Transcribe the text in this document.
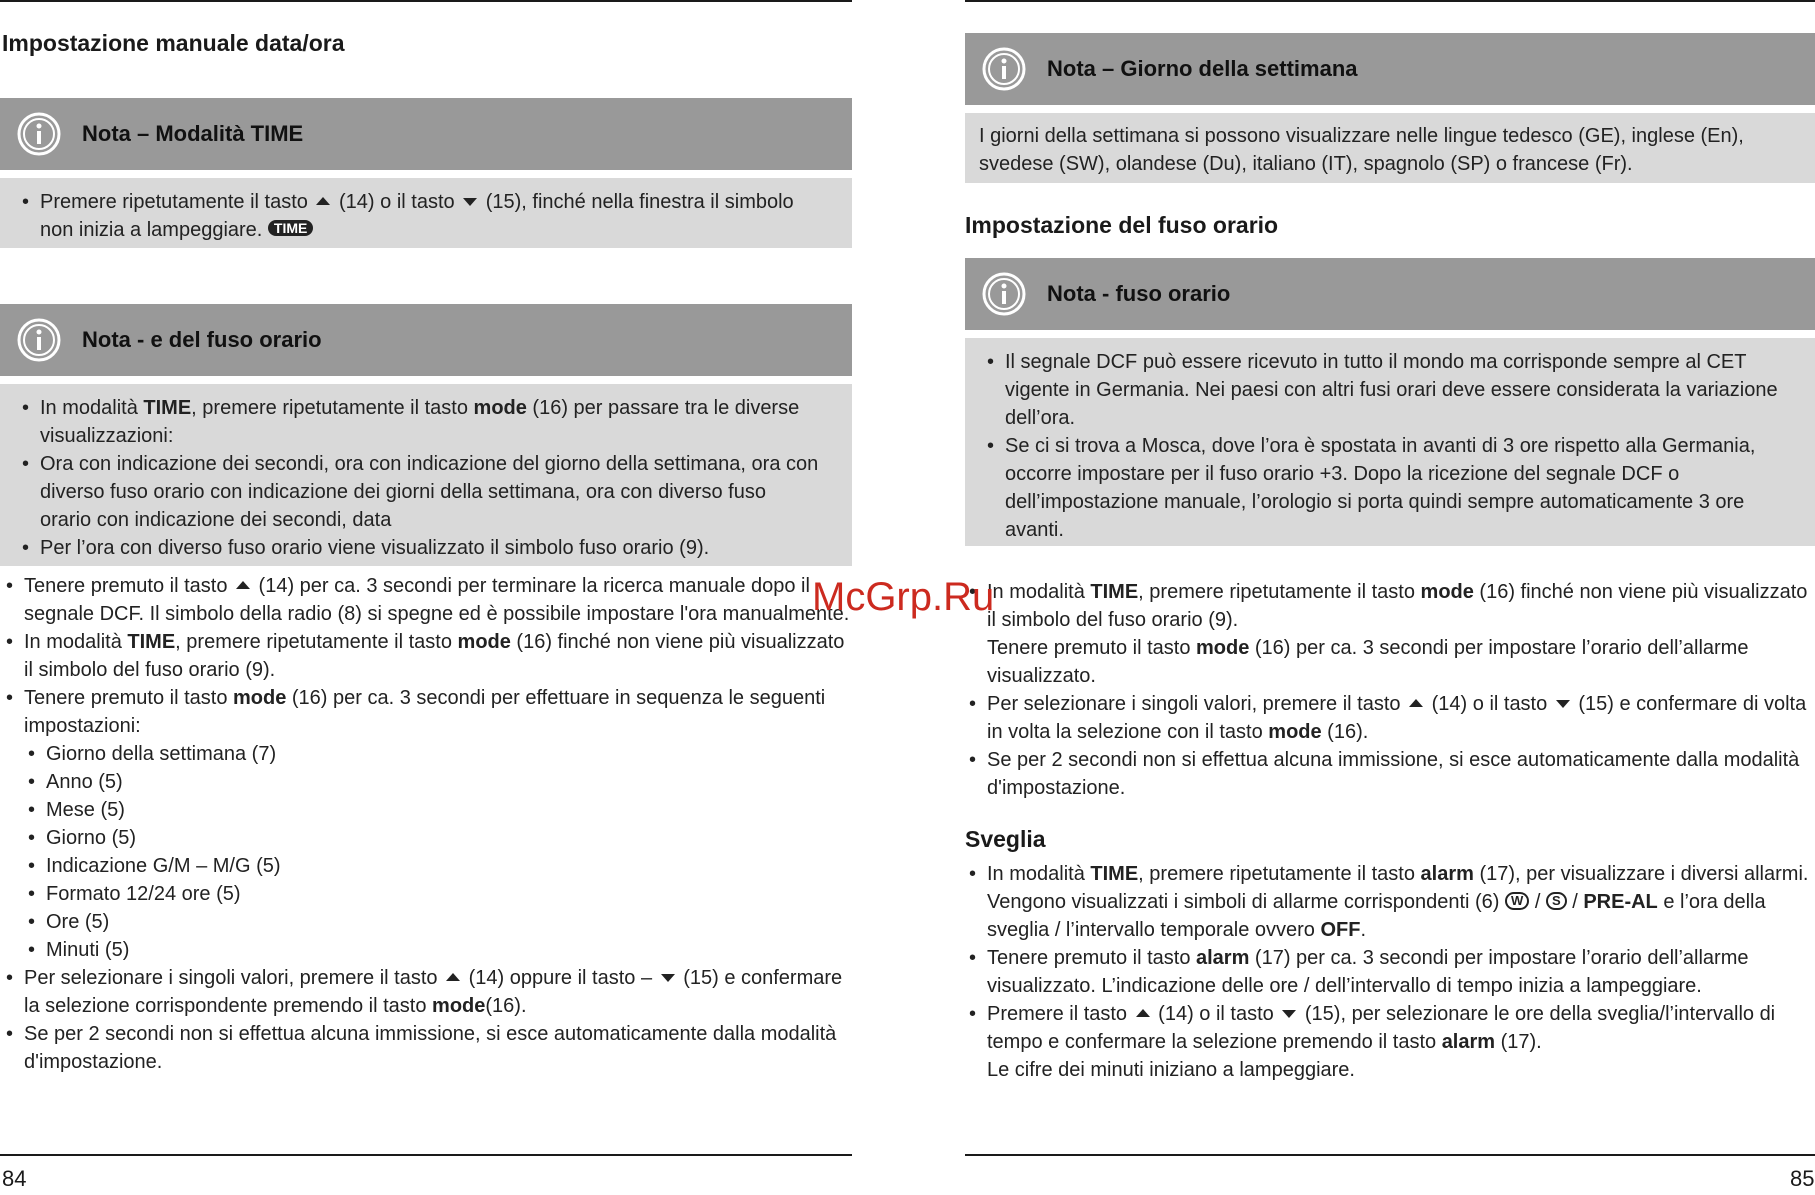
Impostazione manuale data/ora
Nota – Modalità TIME
• Premere ripetutamente il tasto  (14) o il tasto  (15), finché nella finestra il simbolo non inizia a lampeggiare. TIME
Nota - e del fuso orario
• In modalità TIME, premere ripetutamente il tasto mode (16) per passare tra le diverse visualizzazioni:
• Ora con indicazione dei secondi, ora con indicazione del giorno della settimana, ora con diverso fuso orario con indicazione dei giorni della settimana, ora con diverso fuso orario con indicazione dei secondi, data
• Per l’ora con diverso fuso orario viene visualizzato il simbolo fuso orario (9).
• Tenere premuto il tasto  (14) per ca. 3 secondi per terminare la ricerca manuale dopo il segnale DCF. Il simbolo della radio (8) si spegne ed è possibile impostare l'ora manualmente.
• In modalità TIME, premere ripetutamente il tasto mode (16) finché non viene più visualizzato il simbolo del fuso orario (9).
• Tenere premuto il tasto mode (16) per ca. 3 secondi per effettuare in sequenza le seguenti impostazioni:
• Giorno della settimana (7)
• Anno (5)
• Mese (5)
• Giorno (5)
• Indicazione G/M – M/G (5)
• Formato 12/24 ore (5)
• Ore (5)
• Minuti (5)
• Per selezionare i singoli valori, premere il tasto  (14) oppure il tasto –  (15) e confermare la selezione corrispondente premendo il tasto mode(16).
• Se per 2 secondi non si effettua alcuna immissione, si esce automaticamente dalla modalità d'impostazione.
84
Nota – Giorno della settimana
I giorni della settimana si possono visualizzare nelle lingue tedesco (GE), inglese (En), svedese (SW), olandese (Du), italiano (IT), spagnolo (SP) o francese (Fr).
Impostazione del fuso orario
Nota - fuso orario
• Il segnale DCF può essere ricevuto in tutto il mondo ma corrisponde sempre al CET vigente in Germania. Nei paesi con altri fusi orari deve essere considerata la variazione dell’ora.
• Se ci si trova a Mosca, dove l’ora è spostata in avanti di 3 ore rispetto alla Germania, occorre impostare per il fuso orario +3. Dopo la ricezione del segnale DCF o dell’impostazione manuale, l’orologio si porta quindi sempre automaticamente 3 ore avanti.
• In modalità TIME, premere ripetutamente il tasto mode (16) finché non viene più visualizzato il simbolo del fuso orario (9).
Tenere premuto il tasto mode (16) per ca. 3 secondi per impostare l’orario dell’allarme visualizzato.
• Per selezionare i singoli valori, premere il tasto  (14) o il tasto  (15) e confermare di volta in volta la selezione con il tasto mode (16).
• Se per 2 secondi non si effettua alcuna immissione, si esce automaticamente dalla modalità d'impostazione.
Sveglia
• In modalità TIME, premere ripetutamente il tasto alarm (17), per visualizzare i diversi allarmi.
Vengono visualizzati i simboli di allarme corrispondenti (6) W / S / PRE-AL e l’ora della sveglia / l’intervallo temporale ovvero OFF.
• Tenere premuto il tasto alarm (17) per ca. 3 secondi per impostare l’orario dell’allarme visualizzato. L’indicazione delle ore / dell’intervallo di tempo inizia a lampeggiare.
• Premere il tasto  (14) o il tasto  (15), per selezionare le ore della sveglia/l’intervallo di tempo e confermare la selezione premendo il tasto alarm (17).
Le cifre dei minuti iniziano a lampeggiare.
85
McGrp.Ru
